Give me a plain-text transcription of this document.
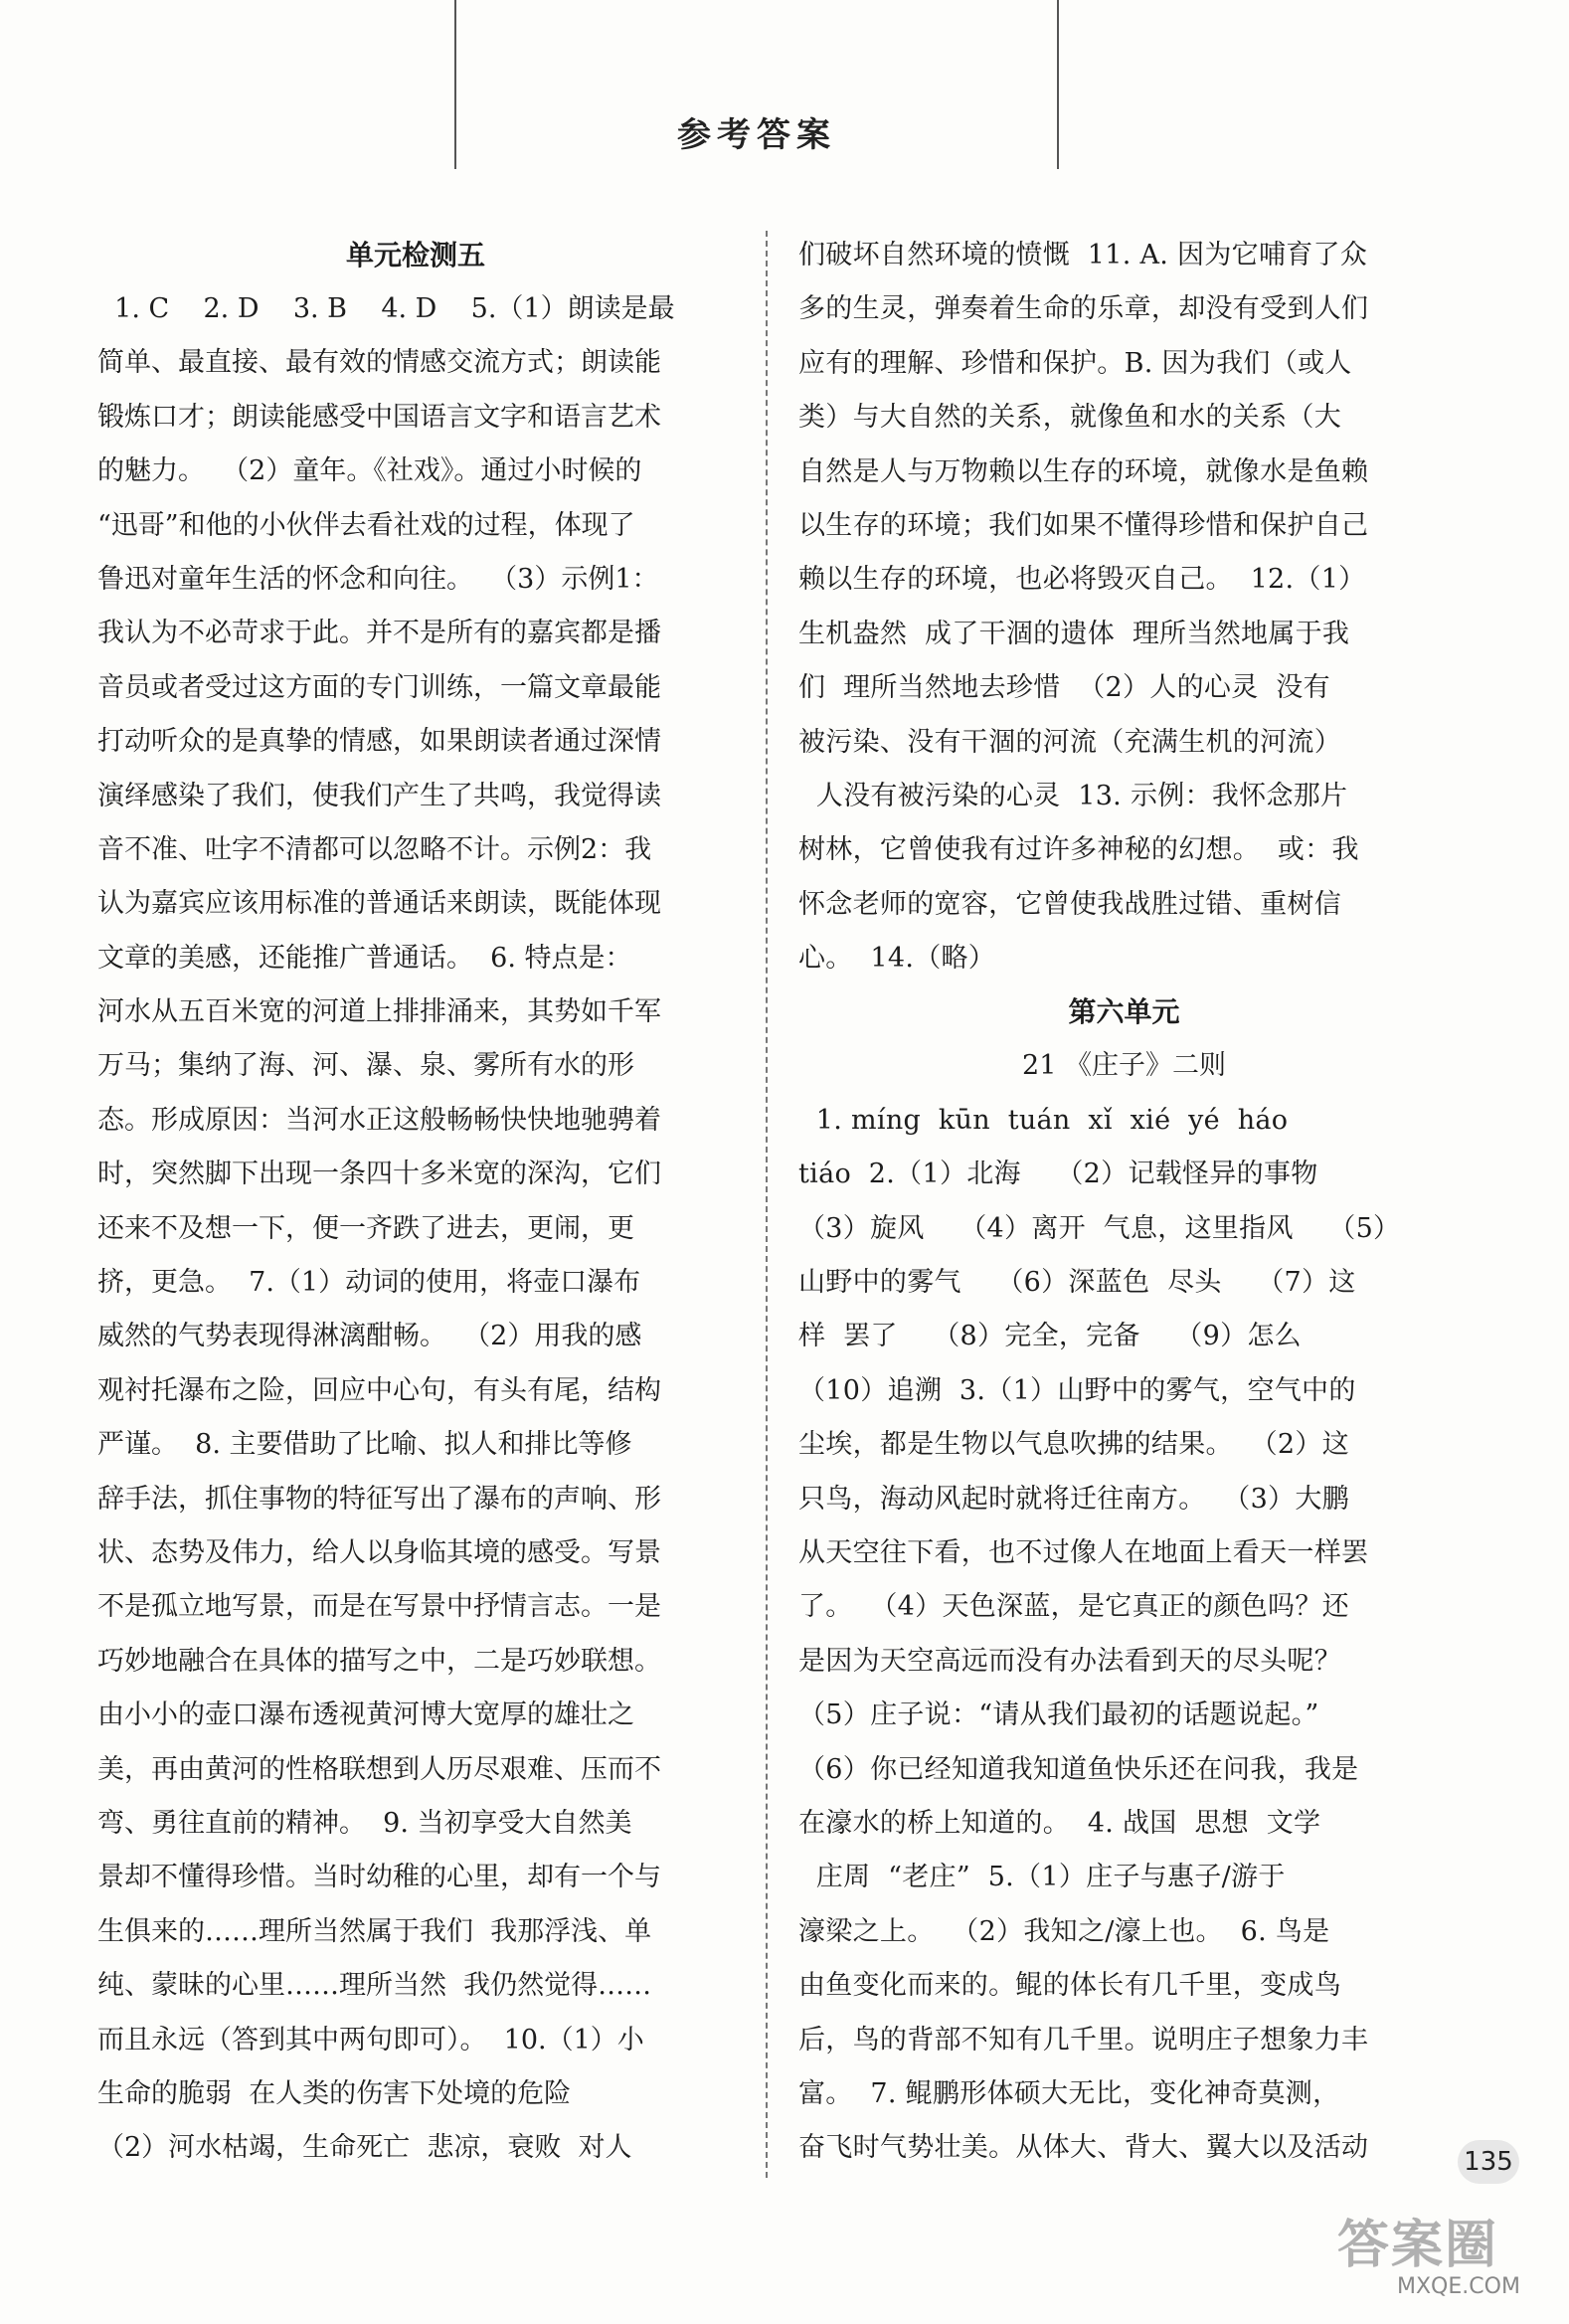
参考答案
单元检测五
1. C    2. D    3. B    4. D    5.（1）朗读是最
简单、最直接、最有效的情感交流方式；朗读能
锻炼口才；朗读能感受中国语言文字和语言艺术
的魅力。  （2）童年。《社戏》。通过小时候的
“迅哥”和他的小伙伴去看社戏的过程，体现了
鲁迅对童年生活的怀念和向往。  （3）示例1：
我认为不必苛求于此。并不是所有的嘉宾都是播
音员或者受过这方面的专门训练，一篇文章最能
打动听众的是真挚的情感，如果朗读者通过深情
演绎感染了我们，使我们产生了共鸣，我觉得读
音不准、吐字不清都可以忽略不计。示例2：我
认为嘉宾应该用标准的普通话来朗读，既能体现
文章的美感，还能推广普通话。  6. 特点是：
河水从五百米宽的河道上排排涌来，其势如千军
万马；集纳了海、河、瀑、泉、雾所有水的形
态。形成原因：当河水正这般畅畅快快地驰骋着
时，突然脚下出现一条四十多米宽的深沟，它们
还来不及想一下，便一齐跌了进去，更闹，更
挤，更急。  7.（1）动词的使用，将壶口瀑布
威然的气势表现得淋漓酣畅。  （2）用我的感
观衬托瀑布之险，回应中心句，有头有尾，结构
严谨。  8. 主要借助了比喻、拟人和排比等修
辞手法，抓住事物的特征写出了瀑布的声响、形
状、态势及伟力，给人以身临其境的感受。写景
不是孤立地写景，而是在写景中抒情言志。一是
巧妙地融合在具体的描写之中，二是巧妙联想。
由小小的壶口瀑布透视黄河博大宽厚的雄壮之
美，再由黄河的性格联想到人历尽艰难、压而不
弯、勇往直前的精神。  9. 当初享受大自然美
景却不懂得珍惜。当时幼稚的心里，却有一个与
生俱来的……理所当然属于我们  我那浮浅、单
纯、蒙昧的心里……理所当然  我仍然觉得……
而且永远（答到其中两句即可）。  10.（1）小
生命的脆弱  在人类的伤害下处境的危险
（2）河水枯竭，生命死亡  悲凉，衰败  对人
们破坏自然环境的愤慨  11. A. 因为它哺育了众
多的生灵，弹奏着生命的乐章，却没有受到人们
应有的理解、珍惜和保护。B. 因为我们（或人
类）与大自然的关系，就像鱼和水的关系（大
自然是人与万物赖以生存的环境，就像水是鱼赖
以生存的环境；我们如果不懂得珍惜和保护自己
赖以生存的环境，也必将毁灭自己。  12.（1）
生机盎然  成了干涸的遗体  理所当然地属于我
们  理所当然地去珍惜  （2）人的心灵  没有
被污染、没有干涸的河流（充满生机的河流）
人没有被污染的心灵  13. 示例：我怀念那片
树林，它曾使我有过许多神秘的幻想。  或：我
怀念老师的宽容，它曾使我战胜过错、重树信
心。  14.（略）
第六单元
21 《庄子》二则
1. míng  kūn  tuán  xǐ  xié  yé  háo
tiáo  2.（1）北海    （2）记载怪异的事物
（3）旋风    （4）离开  气息，这里指风    （5）
山野中的雾气    （6）深蓝色  尽头    （7）这
样  罢了    （8）完全，完备    （9）怎么
（10）追溯  3.（1）山野中的雾气，空气中的
尘埃，都是生物以气息吹拂的结果。  （2）这
只鸟，海动风起时就将迁往南方。  （3）大鹏
从天空往下看，也不过像人在地面上看天一样罢
了。  （4）天色深蓝，是它真正的颜色吗？还
是因为天空高远而没有办法看到天的尽头呢？
（5）庄子说：“请从我们最初的话题说起。”
（6）你已经知道我知道鱼快乐还在问我，我是
在濠水的桥上知道的。  4. 战国  思想  文学
庄周  “老庄”  5.（1）庄子与惠子/游于
濠梁之上。  （2）我知之/濠上也。  6. 鸟是
由鱼变化而来的。鲲的体长有几千里，变成鸟
后，鸟的背部不知有几千里。说明庄子想象力丰
富。  7. 鲲鹏形体硕大无比，变化神奇莫测，
奋飞时气势壮美。从体大、背大、翼大以及活动	135
答案圈
MXQE.COM
